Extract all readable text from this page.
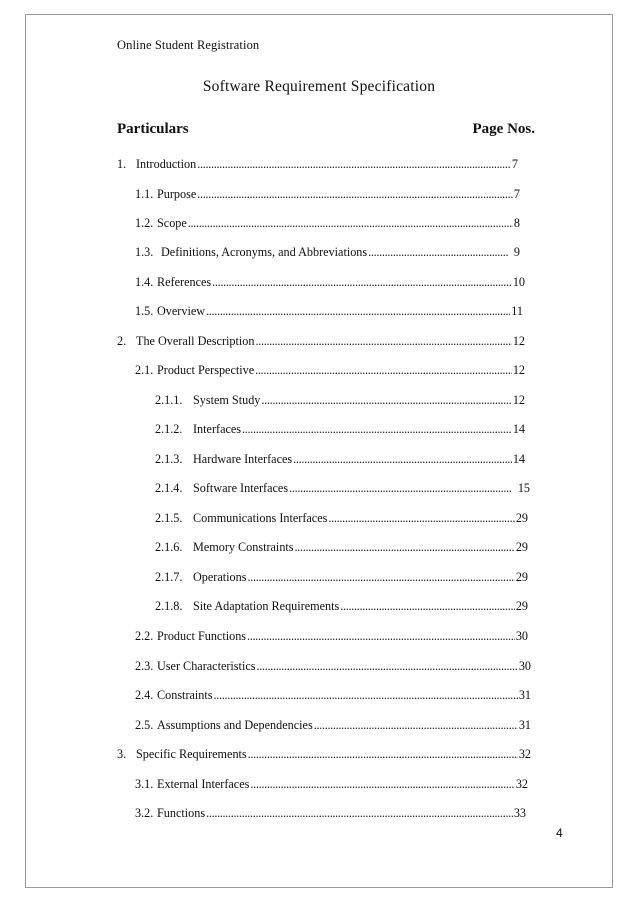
Online Student Registration
Software Requirement Specification
Particulars	Page Nos.
1. Introduction .....	7
1.1. Purpose .....	7
1.2. Scope .....	8
1.3. Definitions, Acronyms, and Abbreviations .....	9
1.4. References .....	10
1.5. Overview .....	11
2. The Overall Description .....	12
2.1. Product Perspective .....	12
2.1.1. System Study .....	12
2.1.2. Interfaces .....	14
2.1.3. Hardware Interfaces .....	14
2.1.4. Software Interfaces .....	15
2.1.5. Communications Interfaces .....	29
2.1.6. Memory Constraints .....	29
2.1.7. Operations .....	29
2.1.8. Site Adaptation Requirements .....	29
2.2. Product Functions .....	30
2.3. User Characteristics .....	30
2.4. Constraints .....	31
2.5. Assumptions and Dependencies .....	31
3. Specific Requirements .....	32
3.1. External Interfaces .....	32
3.2. Functions .....	33
4
